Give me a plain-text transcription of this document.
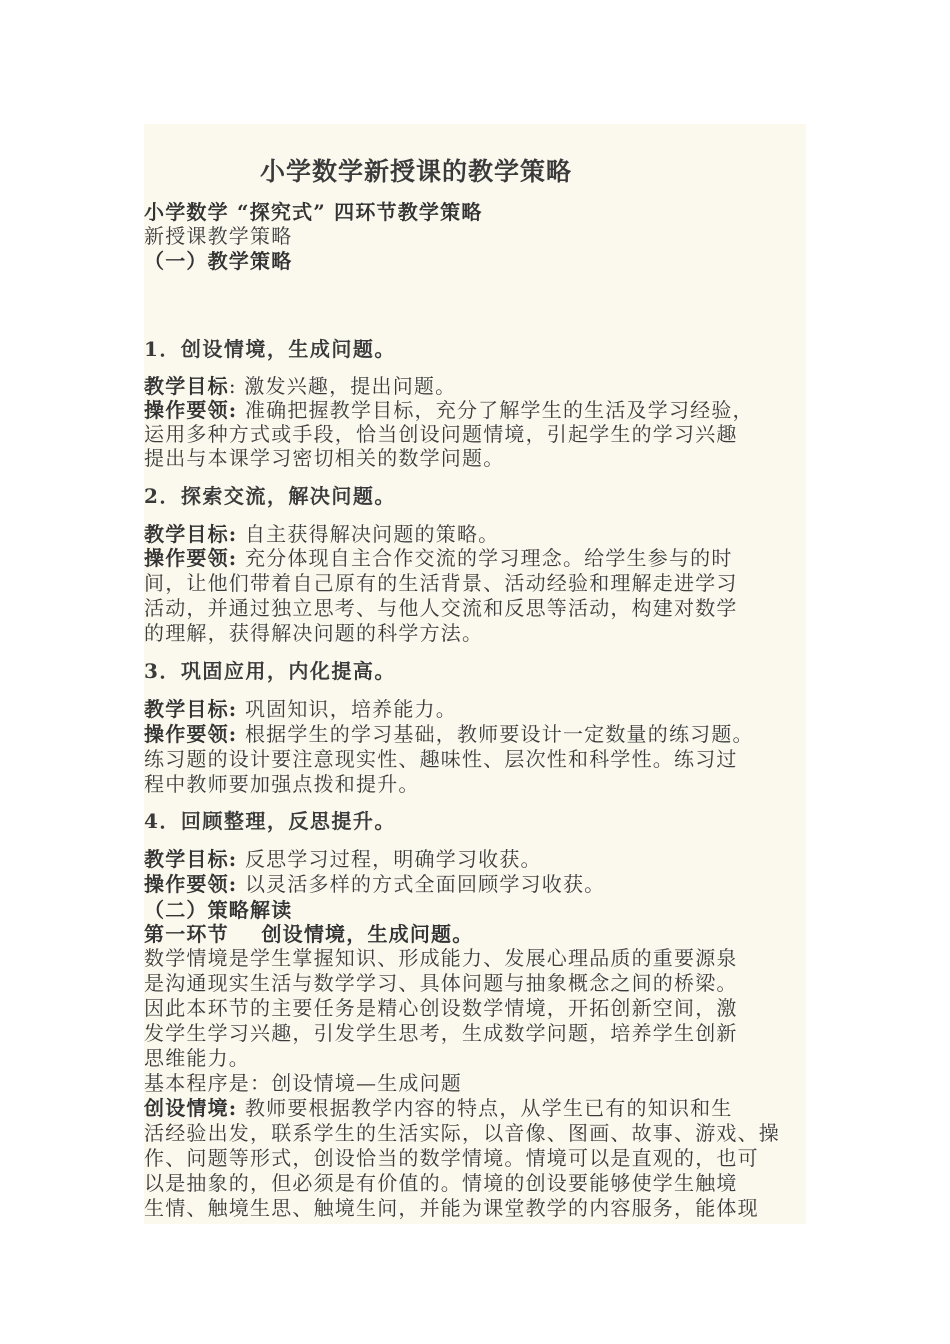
小学数学新授课的教学策略
小学数学 “探究式” 四环节教学策略
新授课教学策略
（一）教学策略
1．创设情境，生成问题。
教学目标: 激发兴趣，提出问题。
操作要领: 准确把握教学目标，充分了解学生的生活及学习经验，
运用多种方式或手段，恰当创设问题情境，引起学生的学习兴趣
提出与本课学习密切相关的数学问题。
2．探索交流，解决问题。
教学目标: 自主获得解决问题的策略。
操作要领: 充分体现自主合作交流的学习理念。给学生参与的时
间，让他们带着自己原有的生活背景、活动经验和理解走进学习
活动，并通过独立思考、与他人交流和反思等活动，构建对数学
的理解，获得解决问题的科学方法。
3．巩固应用，内化提高。
教学目标: 巩固知识，培养能力。
操作要领: 根据学生的学习基础，教师要设计一定数量的练习题。
练习题的设计要注意现实性、趣味性、层次性和科学性。练习过
程中教师要加强点拨和提升。
4．回顾整理，反思提升。
教学目标: 反思学习过程，明确学习收获。
操作要领: 以灵活多样的方式全面回顾学习收获。
（二）策略解读
第一环节    创设情境，生成问题。
数学情境是学生掌握知识、形成能力、发展心理品质的重要源泉
是沟通现实生活与数学学习、具体问题与抽象概念之间的桥梁。
因此本环节的主要任务是精心创设数学情境，开拓创新空间，激
发学生学习兴趣，引发学生思考，生成数学问题，培养学生创新
思维能力。
基本程序是：创设情境—生成问题
创设情境: 教师要根据教学内容的特点，从学生已有的知识和生
活经验出发，联系学生的生活实际，以音像、图画、故事、游戏、操
作、问题等形式，创设恰当的数学情境。情境可以是直观的，也可
以是抽象的，但必须是有价值的。情境的创设要能够使学生触境
生情、触境生思、触境生问，并能为课堂教学的内容服务，能体现
